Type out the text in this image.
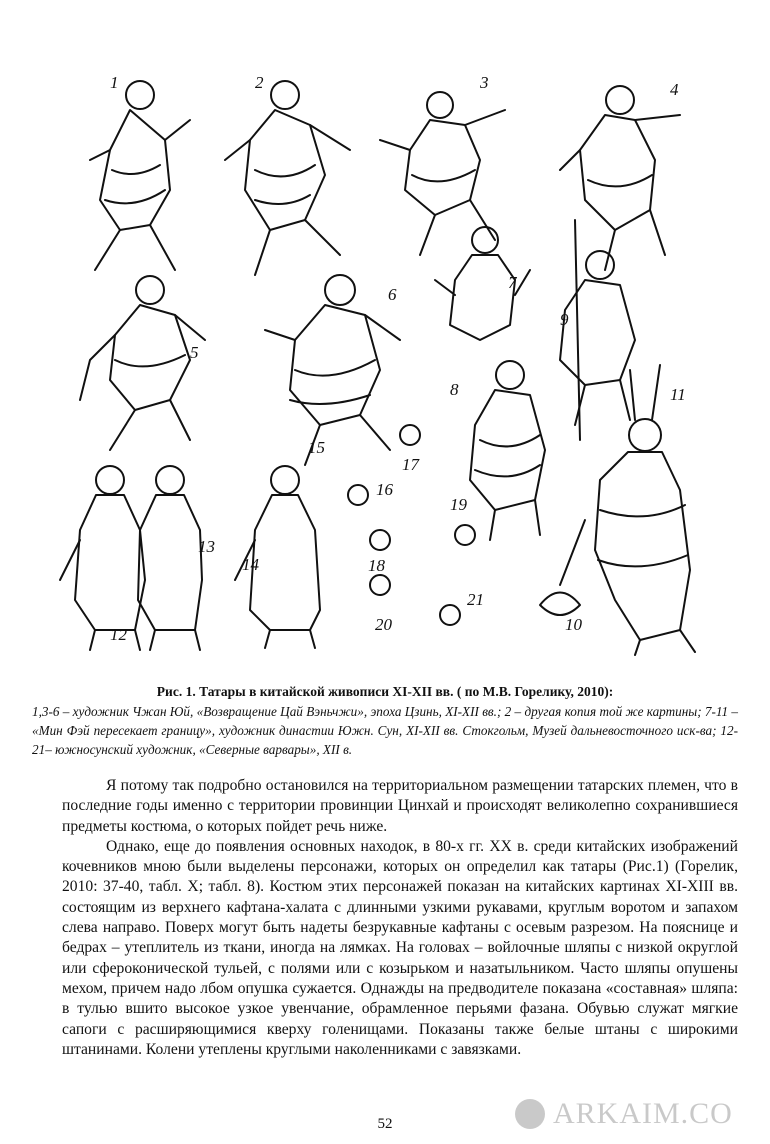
1	2	3	4
5
6
7
8
9
10
11
12
13
14
15
16
17
18
19
20
21
Рис. 1. Татары в китайской живописи XI-XII вв. ( по М.В. Горелику, 2010):
1,3-6 – художник Чжан Юй, «Возвращение Цай Вэньчжи», эпоха Цзинь, XI-XII вв.; 2 – другая копия той же картины; 7-11 – «Мин Фэй пересекает границу», художник династии Южн. Сун, XI-XII вв. Стокгольм, Музей дальневосточного иск-ва; 12-21– южносунский художник, «Северные варвары», XII в.

Я потому так подробно остановился на территориальном размещении татарских племен, что в последние годы именно с территории провинции Цинхай и происходят великолепно сохранившиеся предметы костюма, о которых пойдет речь ниже.

Однако, еще до появления основных находок, в 80-х гг. XX в. среди китайских изображений кочевников мною были выделены персонажи, которых он определил как татары (Рис.1) (Горелик, 2010: 37-40, табл. X; табл. 8). Костюм этих персонажей показан на китайских картинах XI-XIII вв. состоящим из верхнего кафтана-халата с длинными узкими рукавами, круглым воротом и запахом слева направо. Поверх могут быть надеты безрукавные кафтаны с осевым разрезом. На пояснице и бедрах – утеплитель из ткани, иногда на лямках. На головах – войлочные шляпы с низкой округлой или сфероконической тульей, с полями или с козырьком и назатыльником. Часто шляпы опушены мехом, причем надо лбом опушка сужается. Однажды на предводителе показана «составная» шляпа: в тулью вшито высокое узкое увенчание, обрамленное перьями фазана. Обувью служат мягкие сапоги с расширяющимися кверху голенищами. Показаны также белые штаны с широкими штанинами. Колени утеплены круглыми наколенниками с завязками.

52	ARKAIM.CO
